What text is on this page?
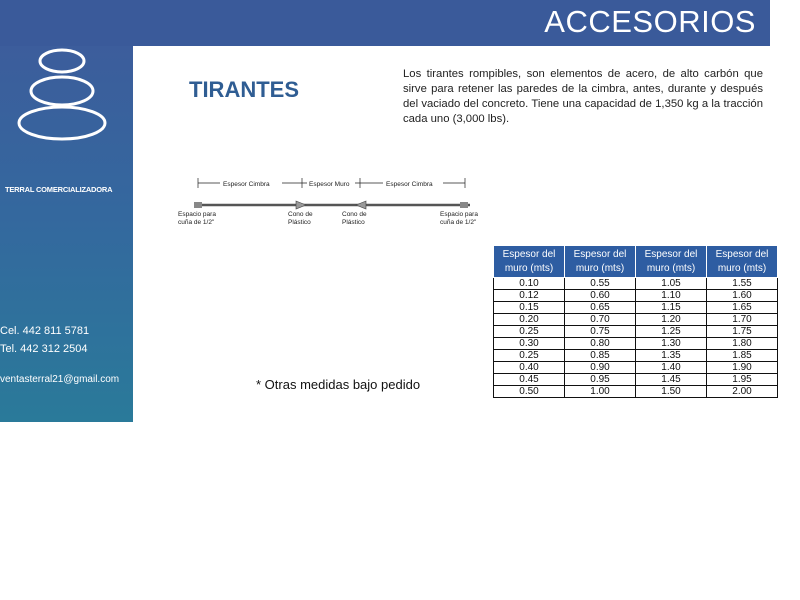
ACCESORIOS
TERRAL COMERCIALIZADORA
Cel. 442 811 5781
Tel. 442 312 2504
ventasterral21@gmail.com
TIRANTES
Los tirantes rompibles, son elementos de acero, de alto carbón que sirve para retener las paredes de la cimbra, antes, durante y después del vaciado del concreto. Tiene una capacidad de 1,350 kg a la tracción cada uno (3,000 lbs).
Espesor Cimbra	Espesor Muro	Espesor Cimbra
Espacio para
cuña de 1/2"
Cono de
Plástico
Cono de
Plástico
Espacio para
cuña de 1/2"
* Otras medidas bajo pedido
Espesor del
muro (mts)	Espesor del
muro (mts)	Espesor del
muro (mts)	Espesor del
muro (mts)
0.10	0.55	1.05	1.55
0.12	0.60	1.10	1.60
0.15	0.65	1.15	1.65
0.20	0.70	1.20	1.70
0.25	0.75	1.25	1.75
0.30	0.80	1.30	1.80
0.25	0.85	1.35	1.85
0.40	0.90	1.40	1.90
0.45	0.95	1.45	1.95
0.50	1.00	1.50	2.00
